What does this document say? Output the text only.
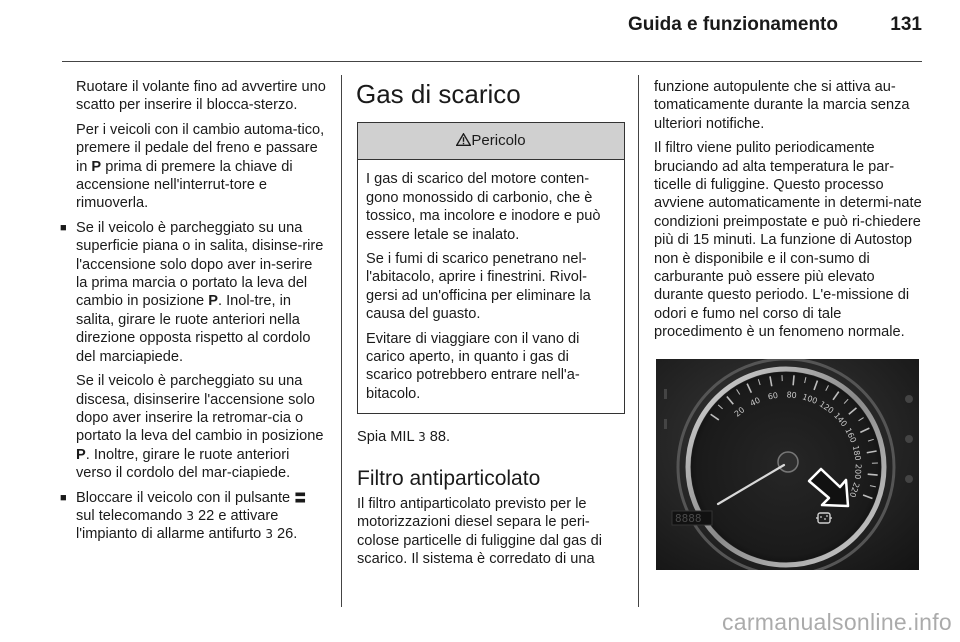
Guida e funzionamento	131

Ruotare il volante fino ad avvertire uno scatto per inserire il blocca-sterzo.

Per i veicoli con il cambio automa-tico, premere il pedale del freno e passare in P prima di premere la chiave di accensione nell'interrut-tore e rimuoverla.

■ Se il veicolo è parcheggiato su una superficie piana o in salita, disinse-rire l'accensione solo dopo aver in-serire la prima marcia o portato la leva del cambio in posizione P. Inol-tre, in salita, girare le ruote anteriori nella direzione opposta rispetto al cordolo del marciapiede.

Se il veicolo è parcheggiato su una discesa, disinserire l'accensione solo dopo aver inserire la retromar-cia o portato la leva del cambio in posizione P. Inoltre, girare le ruote anteriori verso il cordolo del mar-ciapiede.

■ Bloccare il veicolo con il pulsante 〓 sul telecomando 3 22 e attivare l'impianto di allarme antifurto 3 26.

Gas di scarico

Pericolo

I gas di scarico del motore conten-gono monossido di carbonio, che è tossico, ma incolore e inodore e può essere letale se inalato.

Se i fumi di scarico penetrano nel-l'abitacolo, aprire i finestrini. Rivol-gersi ad un'officina per eliminare la causa del guasto.

Evitare di viaggiare con il vano di carico aperto, in quanto i gas di scarico potrebbero entrare nell'a-bitacolo.

Spia MIL 3 88.

Filtro antiparticolato

Il filtro antiparticolato previsto per le motorizzazioni diesel separa le peri-colose particelle di fuliggine dal gas di scarico. Il sistema è corredato di una

funzione autopulente che si attiva au-tomaticamente durante la marcia senza ulteriori notifiche.

Il filtro viene pulito periodicamente bruciando ad alta temperatura le par-ticelle di fuliggine. Questo processo avviene automaticamente in determi-nate condizioni preimpostate e può ri-chiedere più di 15 minuti. La funzione di Autostop non è disponibile e il con-sumo di carburante può essere più elevato durante questo periodo. L'e-missione di odori e fumo nel corso di tale procedimento è un fenomeno normale.

20
40 60 80 100
120
140
160
180
200
220
8888
carmanualsonline.info
